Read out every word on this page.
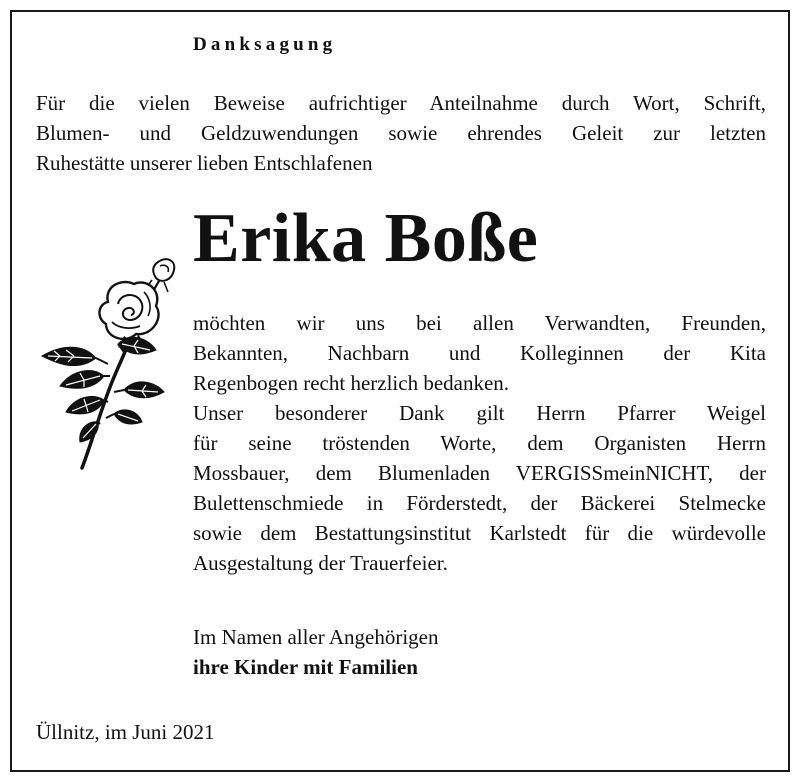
Danksagung
Für die vielen Beweise aufrichtiger Anteilnahme durch Wort, Schrift,
Blumen- und Geldzuwendungen sowie ehrendes Geleit zur letzten
Ruhestätte unserer lieben Entschlafenen
Erika Boße
möchten wir uns bei allen Verwandten, Freunden,
Bekannten, Nachbarn und Kolleginnen der Kita
Regenbogen recht herzlich bedanken.
Unser besonderer Dank gilt Herrn Pfarrer Weigel
für seine tröstenden Worte, dem Organisten Herrn
Mossbauer, dem Blumenladen VERGISSmeinNICHT, der
Bulettenschmiede in Förderstedt, der Bäckerei Stelmecke
sowie dem Bestattungsinstitut Karlstedt für die würdevolle
Ausgestaltung der Trauerfeier.
Im Namen aller Angehörigen
ihre Kinder mit Familien
Üllnitz, im Juni 2021
